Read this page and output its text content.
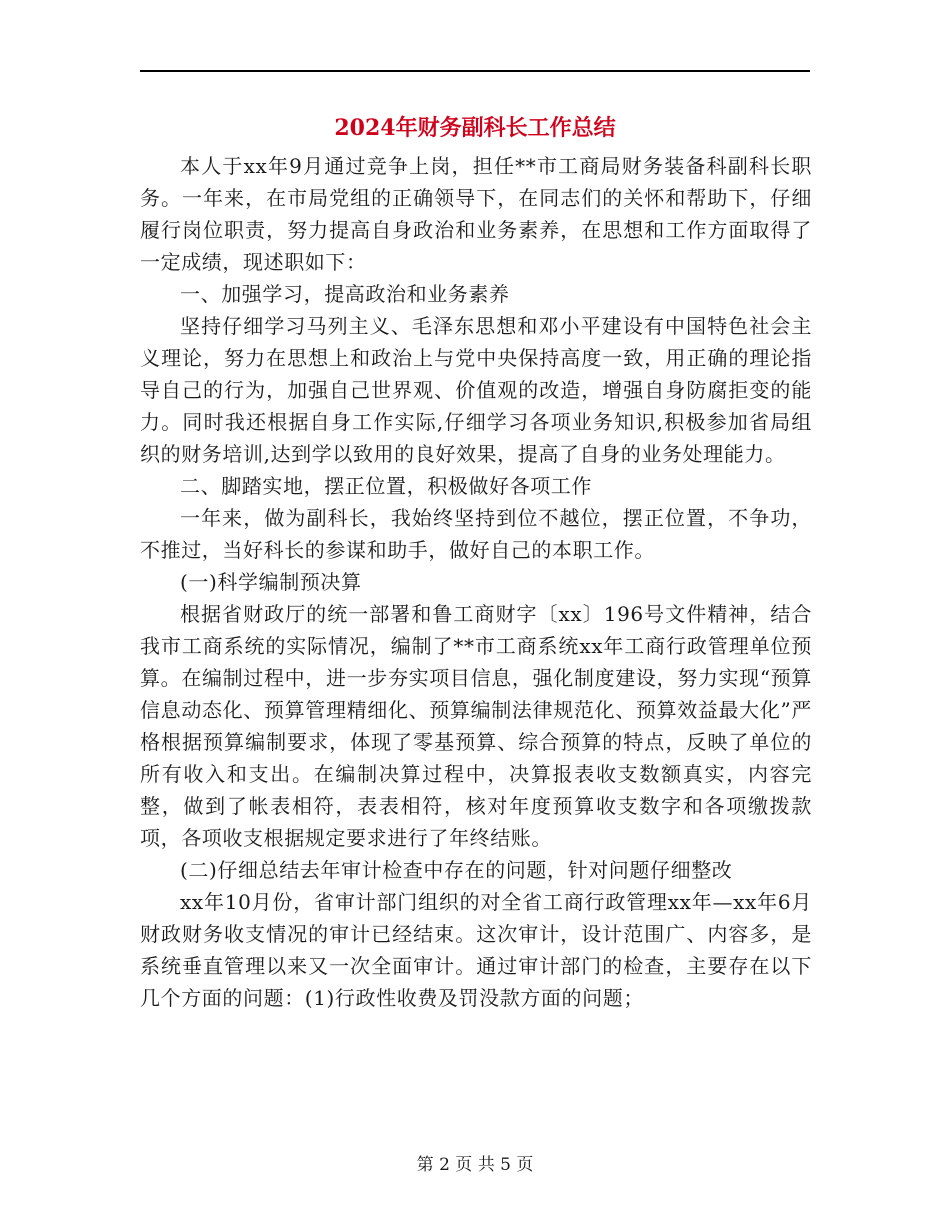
2024年财务副科长工作总结

本人于xx年9月通过竞争上岗，担任**市工商局财务装备科副科长职务。一年来，在市局党组的正确领导下，在同志们的关怀和帮助下，仔细履行岗位职责，努力提高自身政治和业务素养，在思想和工作方面取得了一定成绩，现述职如下：

一、加强学习，提高政治和业务素养

坚持仔细学习马列主义、毛泽东思想和邓小平建设有中国特色社会主义理论，努力在思想上和政治上与党中央保持高度一致，用正确的理论指导自己的行为，加强自己世界观、价值观的改造，增强自身防腐拒变的能力。同时我还根据自身工作实际,仔细学习各项业务知识,积极参加省局组织的财务培训,达到学以致用的良好效果，提高了自身的业务处理能力。

二、脚踏实地，摆正位置，积极做好各项工作

一年来，做为副科长，我始终坚持到位不越位，摆正位置，不争功，不推过，当好科长的参谋和助手，做好自己的本职工作。

(一)科学编制预决算

根据省财政厅的统一部署和鲁工商财字〔xx〕196号文件精神，结合我市工商系统的实际情况，编制了**市工商系统xx年工商行政管理单位预算。在编制过程中，进一步夯实项目信息，强化制度建设，努力实现“预算信息动态化、预算管理精细化、预算编制法律规范化、预算效益最大化”严格根据预算编制要求，体现了零基预算、综合预算的特点，反映了单位的所有收入和支出。在编制决算过程中，决算报表收支数额真实，内容完整，做到了帐表相符，表表相符，核对年度预算收支数字和各项缴拨款项，各项收支根据规定要求进行了年终结账。

(二)仔细总结去年审计检查中存在的问题，针对问题仔细整改

xx年10月份，省审计部门组织的对全省工商行政管理xx年—xx年6月财政财务收支情况的审计已经结束。这次审计，设计范围广、内容多，是系统垂直管理以来又一次全面审计。通过审计部门的检查，主要存在以下几个方面的问题：(1)行政性收费及罚没款方面的问题；

第 2 页 共 5 页
